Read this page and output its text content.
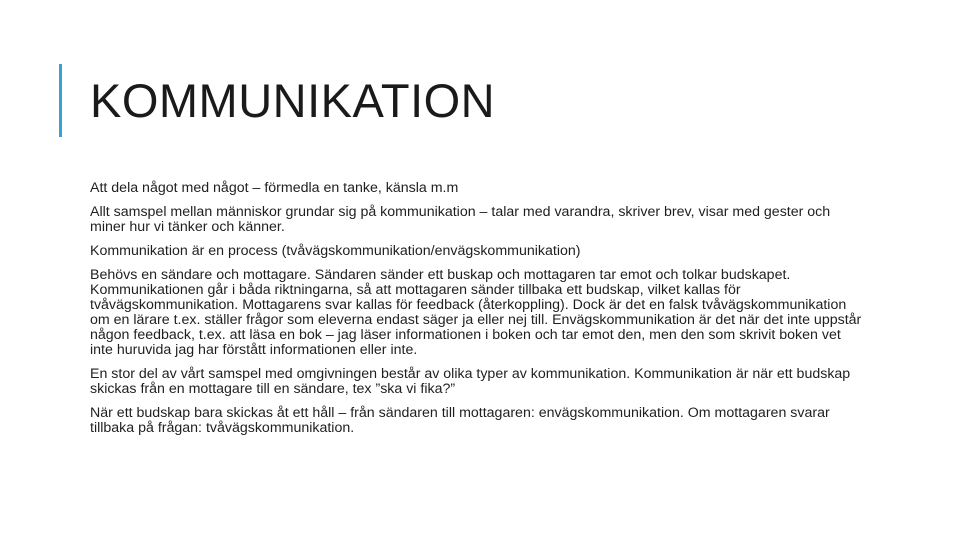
KOMMUNIKATION

Att dela något med något – förmedla en tanke, känsla m.m

Allt samspel mellan människor grundar sig på kommunikation – talar med varandra, skriver brev, visar med gester och miner hur vi tänker och känner.

Kommunikation är en process (tvåvägskommunikation/envägskommunikation)

Behövs en sändare och mottagare. Sändaren sänder ett buskap och mottagaren tar emot och tolkar budskapet. Kommunikationen går i båda riktningarna, så att mottagaren sänder tillbaka ett budskap, vilket kallas för tvåvägskommunikation. Mottagarens svar kallas för feedback (återkoppling). Dock är det en falsk tvåvägskommunikation om en lärare t.ex. ställer frågor som eleverna endast säger ja eller nej till. Envägskommunikation är det när det inte uppstår någon feedback, t.ex. att läsa en bok – jag läser informationen i boken och tar emot den, men den som skrivit boken vet inte huruvida jag har förstått informationen eller inte.

En stor del av vårt samspel med omgivningen består av olika typer av kommunikation. Kommunikation är när ett budskap skickas från en mottagare till en sändare, tex ”ska vi fika?”

När ett budskap bara skickas åt ett håll – från sändaren till mottagaren: envägskommunikation. Om mottagaren svarar tillbaka på frågan: tvåvägskommunikation.
